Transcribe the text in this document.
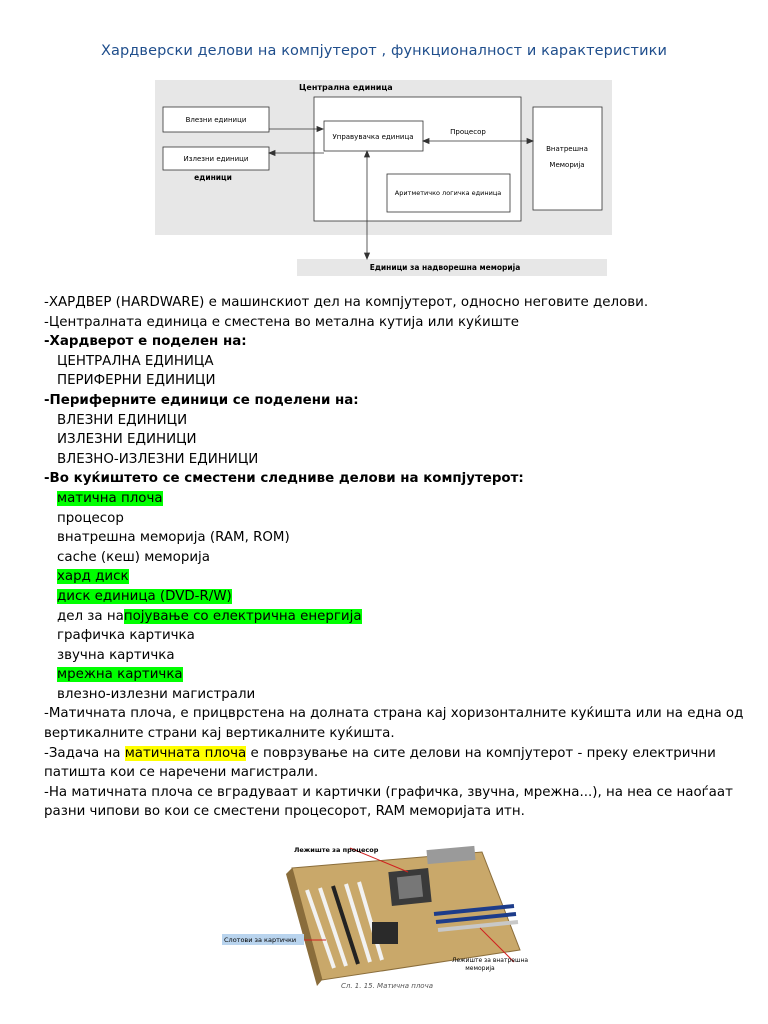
Хардверски делови на компјутерот , функционалност и карактеристики
Централна единица
Влезни единици
Излезни единици
единици
Управувачка единица
Процесор
Аритметичко логичка единица
Внатрешна
Меморија
Единици за надворешна меморија
-ХАРДВЕР (HARDWARE) е машинскиот дел на компјутерот, односно неговите делови.
-Централната единица е сместена во метална кутија или куќиште
-Хардверот е поделен на:
ЦЕНТРАЛНА ЕДИНИЦА
ПЕРИФЕРНИ ЕДИНИЦИ
-Периферните единици се поделени на:
ВЛЕЗНИ ЕДИНИЦИ
ИЗЛЕЗНИ ЕДИНИЦИ
ВЛЕЗНО-ИЗЛЕЗНИ ЕДИНИЦИ
-Во куќиштето се сместени следниве делови на компјутерот:
матична плоча
процесор
внатрешна меморија (RAM, ROM)
cache (кеш) меморија
хард диск
диск единица (DVD-R/W)
дел за напојување со електрична енергија
графичка картичка
звучна картичка
мрежна картичка
влезно-излезни магистрали
-Матичната плоча, е прицврстена на долната страна кај хоризонталните куќишта или на една од вертикалните страни кај вертикалните куќишта.
-Задача на матичната плоча е поврзување на сите делови на компјутерот - преку електрични патишта кои се наречени магистрали.
-На матичната плоча се вградуваат и картички (графичка, звучна, мрежна...), на неа се наоѓаат разни чипови во кои се сместени процесорот, RAM меморијата итн.
Лежиште за процесор
Слотови за картички
Лежиште за внатрешна
меморија
Сл. 1. 15. Матична плоча
